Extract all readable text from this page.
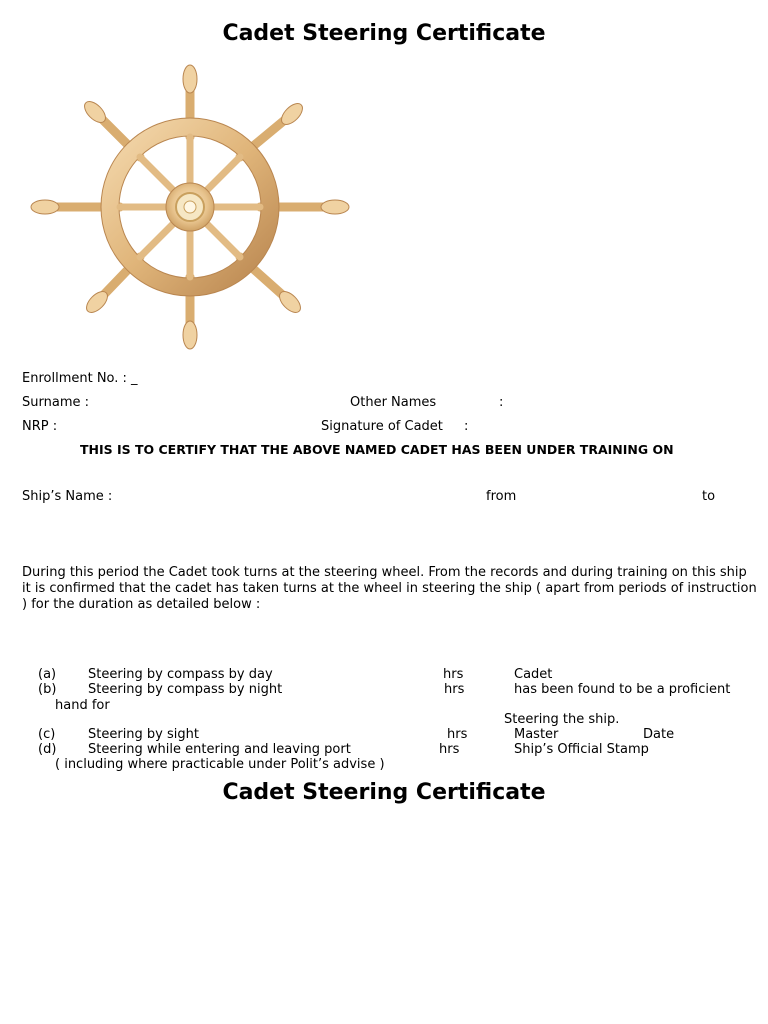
Cadet Steering Certificate
Enrollment No. : _
Surname :	Other Names	:
NRP :	Signature of Cadet :
THIS IS TO CERTIFY THAT THE ABOVE NAMED CADET HAS BEEN UNDER TRAINING ON
Ship’s Name :	from	to
During this period the Cadet took turns at the steering wheel. From the records and during training on this ship
it is confirmed that the cadet has taken turns at the wheel in steering the ship ( apart from periods of instruction
) for the duration as detailed below :
(a) Steering by compass by day	hrs	Cadet
(b) Steering by compass by night	hrs	has been found to be a proficient
hand for
Steering the ship.
(c)	Steering by sight	hrs	Master	Date
(d) Steering while entering and leaving port	hrs	Ship’s Official Stamp
( including where practicable under Polit’s advise )
Cadet Steering Certificate
